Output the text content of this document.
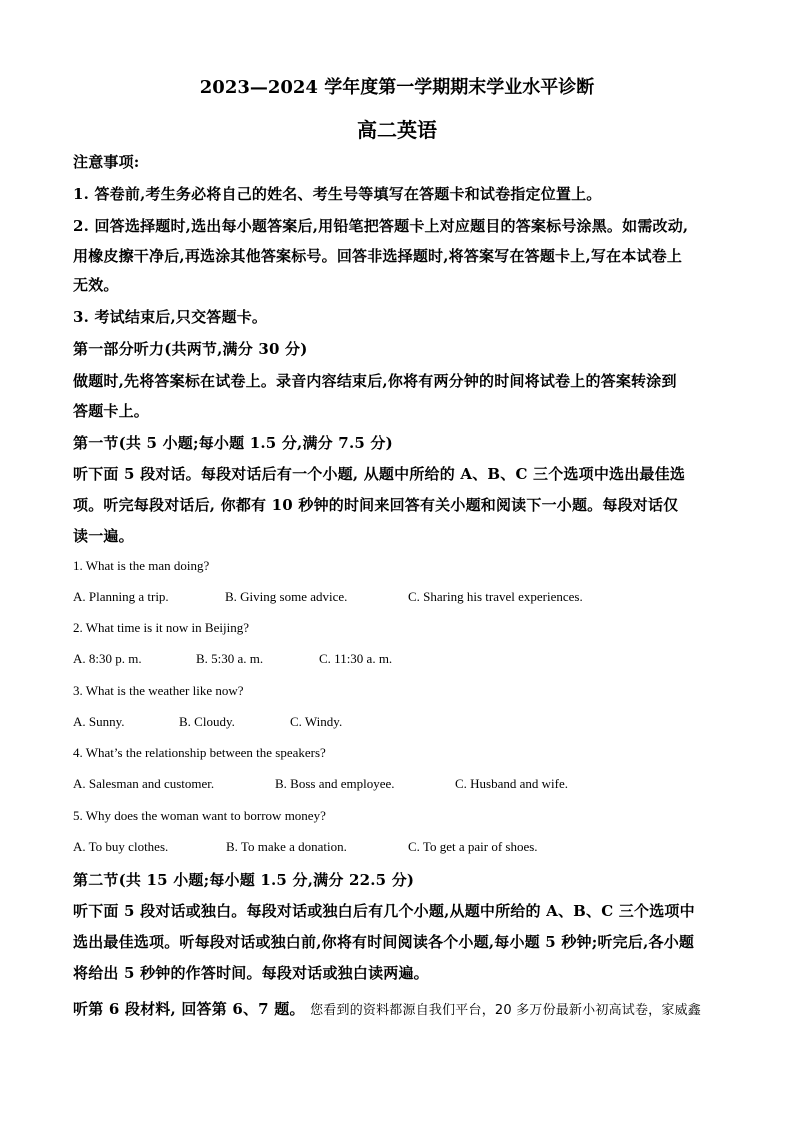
2023—2024 学年度第一学期期末学业水平诊断
高二英语
注意事项:
1. 答卷前,考生务必将自己的姓名、考生号等填写在答题卡和试卷指定位置上。
2. 回答选择题时,选出每小题答案后,用铅笔把答题卡上对应题目的答案标号涂黑。如需改动,
用橡皮擦干净后,再选涂其他答案标号。回答非选择题时,将答案写在答题卡上,写在本试卷上
无效。
3. 考试结束后,只交答题卡。
第一部分听力(共两节,满分 30 分)
做题时,先将答案标在试卷上。录音内容结束后,你将有两分钟的时间将试卷上的答案转涂到
答题卡上。
第一节(共 5 小题;每小题 1.5 分,满分 7.5 分)
听下面 5 段对话。每段对话后有一个小题, 从题中所给的 A、B、C 三个选项中选出最佳选
项。听完每段对话后, 你都有 10 秒钟的时间来回答有关小题和阅读下一小题。每段对话仅
读一遍。
1. What is the man doing?
A. Planning a trip.	B. Giving some advice.	C. Sharing his travel experiences.
2. What time is it now in Beijing?
A. 8:30 p. m.	B. 5:30 a. m.	C. 11:30 a. m.
3. What is the weather like now?
A. Sunny.	B. Cloudy.	C. Windy.
4. What’s the relationship between the speakers?
A. Salesman and customer.	B. Boss and employee.	C. Husband and wife.
5. Why does the woman want to borrow money?
A. To buy clothes.	B. To make a donation.	C. To get a pair of shoes.
第二节(共 15 小题;每小题 1.5 分,满分 22.5 分)
听下面 5 段对话或独白。每段对话或独白后有几个小题,从题中所给的 A、B、C 三个选项中
选出最佳选项。听每段对话或独白前,你将有时间阅读各个小题,每小题 5 秒钟;听完后,各小题
将给出 5 秒钟的作答时间。每段对话或独白读两遍。
听第 6 段材料, 回答第 6、7 题。 您看到的资料都源自我们平台，20 多万份最新小初高试卷，家威鑫
